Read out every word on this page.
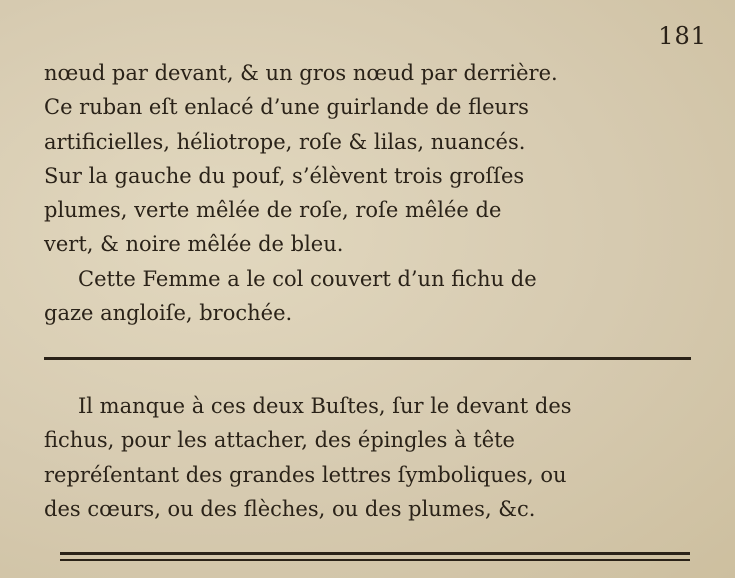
181

nœud par devant, & un gros nœud par derrière.
Ce ruban eſt enlacé d’une guirlande de fleurs
artificielles, héliotrope, roſe & lilas, nuancés.
Sur la gauche du pouf, s’élèvent trois groſſes
plumes, verte mêlée de roſe, roſe mêlée de
vert, & noire mêlée de bleu.

Cette Femme a le col couvert d’un fichu de
gaze angloiſe, brochée.

Il manque à ces deux Buſtes, ſur le devant des
fichus, pour les attacher, des épingles à tête
repréſentant des grandes lettres ſymboliques, ou
des cœurs, ou des flèches, ou des plumes, &c.
